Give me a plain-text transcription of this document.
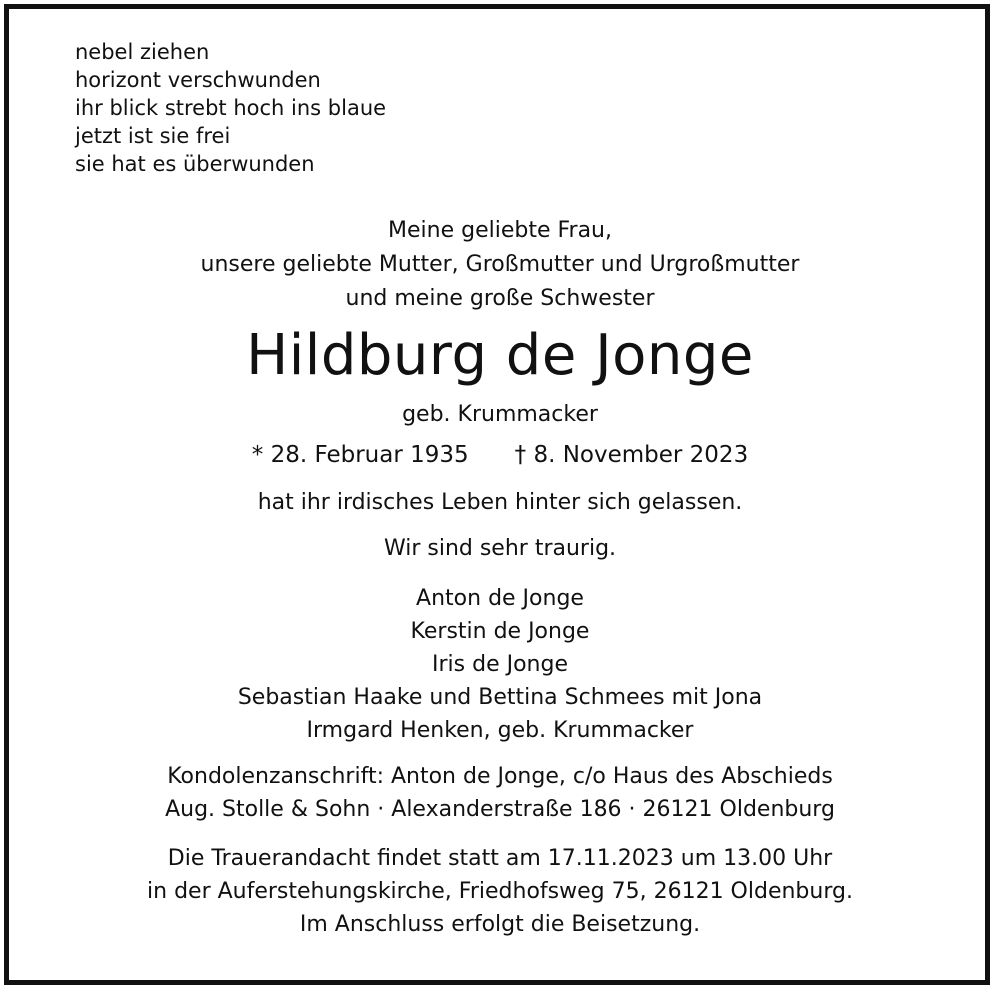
nebel ziehen
horizont verschwunden
ihr blick strebt hoch ins blaue
jetzt ist sie frei
sie hat es überwunden
Meine geliebte Frau,
unsere geliebte Mutter, Großmutter und Urgroßmutter
und meine große Schwester
Hildburg de Jonge
geb. Krummacker
* 28. Februar 1935 † 8. November 2023
hat ihr irdisches Leben hinter sich gelassen.
Wir sind sehr traurig.
Anton de Jonge
Kerstin de Jonge
Iris de Jonge
Sebastian Haake und Bettina Schmees mit Jona
Irmgard Henken, geb. Krummacker
Kondolenzanschrift: Anton de Jonge, c/o Haus des Abschieds
Aug. Stolle & Sohn · Alexanderstraße 186 · 26121 Oldenburg
Die Trauerandacht findet statt am 17.11.2023 um 13.00 Uhr
in der Auferstehungskirche, Friedhofsweg 75, 26121 Oldenburg.
Im Anschluss erfolgt die Beisetzung.
